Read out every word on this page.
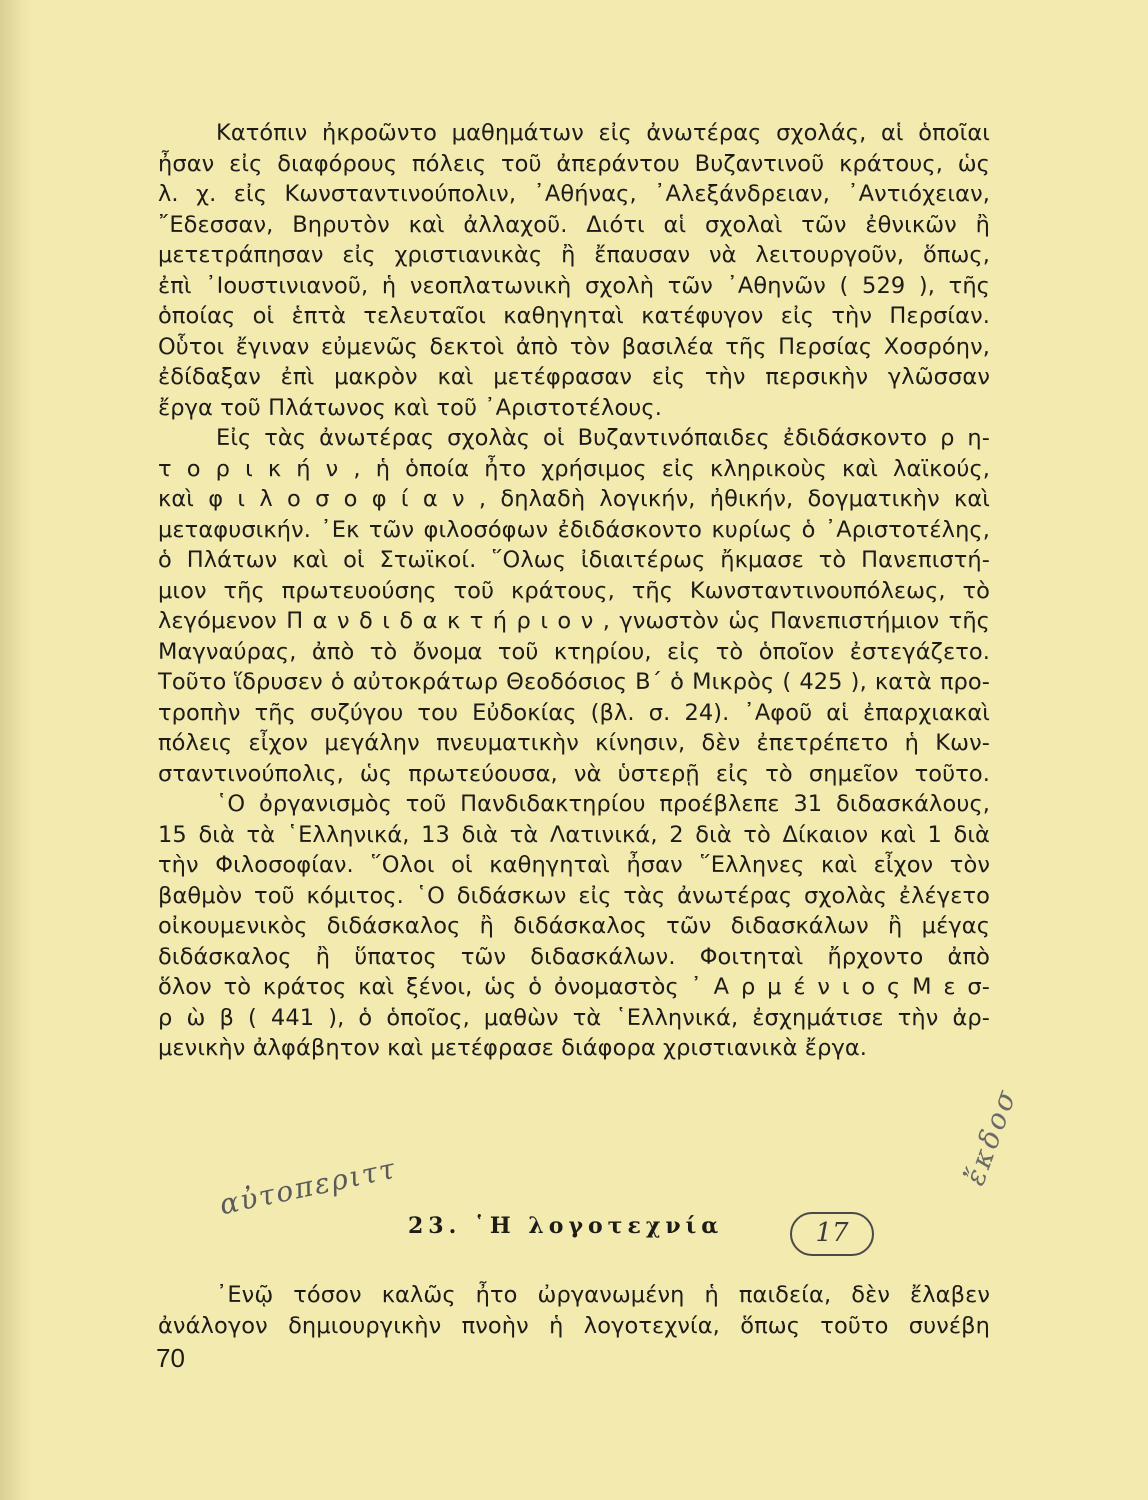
Κατόπιν ἠκροῶντο μαθημάτων εἰς ἀνωτέρας σχολάς, αἱ ὁποῖαι
ἦσαν εἰς διαφόρους πόλεις τοῦ ἀπεράντου Βυζαντινοῦ κράτους, ὡς
λ. χ. εἰς Κωνσταντινούπολιν, ᾿Αθήνας, ᾿Αλεξάνδρειαν, ᾿Αντιόχειαν,
῎Εδεσσαν, Βηρυτὸν καὶ ἀλλαχοῦ. Διότι αἱ σχολαὶ τῶν ἐθνικῶν ἢ
μετετράπησαν εἰς χριστιανικὰς ἢ ἔπαυσαν νὰ λειτουργοῦν, ὅπως,
ἐπὶ ᾿Ιουστινιανοῦ, ἡ νεοπλατωνικὴ σχολὴ τῶν ᾿Αθηνῶν ( 529 ), τῆς
ὁποίας οἱ ἑπτὰ τελευταῖοι καθηγηταὶ κατέφυγον εἰς τὴν Περσίαν.
Οὗτοι ἔγιναν εὐμενῶς δεκτοὶ ἀπὸ τὸν βασιλέα τῆς Περσίας Χοσρόην,
ἐδίδαξαν ἐπὶ μακρὸν καὶ μετέφρασαν εἰς τὴν περσικὴν γλῶσσαν
ἔργα τοῦ Πλάτωνος καὶ τοῦ ᾿Αριστοτέλους.
Εἰς τὰς ἀνωτέρας σχολὰς οἱ Βυζαντινόπαιδες ἐδιδάσκοντο ρ η-
τ ο ρ ι κ ή ν , ἡ ὁποία ἦτο χρήσιμος εἰς κληρικοὺς καὶ λαϊκούς,
καὶ φ ι λ ο σ ο φ ί α ν , δηλαδὴ λογικήν, ἠθικήν, δογματικὴν καὶ
μεταφυσικήν. ᾿Εκ τῶν φιλοσόφων ἐδιδάσκοντο κυρίως ὁ ᾿Αριστοτέλης,
ὁ Πλάτων καὶ οἱ Στωϊκοί. ῞Ολως ἰδιαιτέρως ἤκμασε τὸ Πανεπιστή-
μιον τῆς πρωτευούσης τοῦ κράτους, τῆς Κωνσταντινουπόλεως, τὸ
λεγόμενον Π α ν δ ι δ α κ τ ή ρ ι ο ν , γνωστὸν ὡς Πανεπιστήμιον τῆς
Μαγναύρας, ἀπὸ τὸ ὄνομα τοῦ κτηρίου, εἰς τὸ ὁποῖον ἐστεγάζετο.
Τοῦτο ἵδρυσεν ὁ αὐτοκράτωρ Θεοδόσιος Β΄ ὁ Μικρὸς ( 425 ), κατὰ προ-
τροπὴν τῆς συζύγου του Εὐδοκίας (βλ. σ. 24). ᾿Αφοῦ αἱ ἐπαρχιακαὶ
πόλεις εἶχον μεγάλην πνευματικὴν κίνησιν, δὲν ἐπετρέπετο ἡ Κων-
σταντινούπολις, ὡς πρωτεύουσα, νὰ ὑστερῇ εἰς τὸ σημεῖον τοῦτο.
῾Ο ὀργανισμὸς τοῦ Πανδιδακτηρίου προέβλεπε 31 διδασκάλους,
15 διὰ τὰ ῾Ελληνικά, 13 διὰ τὰ Λατινικά, 2 διὰ τὸ Δίκαιον καὶ 1 διὰ
τὴν Φιλοσοφίαν. ῞Ολοι οἱ καθηγηταὶ ἦσαν ῞Ελληνες καὶ εἶχον τὸν
βαθμὸν τοῦ κόμιτος. ῾Ο διδάσκων εἰς τὰς ἀνωτέρας σχολὰς ἐλέγετο
οἰκουμενικὸς διδάσκαλος ἢ διδάσκαλος τῶν διδασκάλων ἢ μέγας
διδάσκαλος ἢ ὕπατος τῶν διδασκάλων. Φοιτηταὶ ἤρχοντο ἀπὸ
ὅλον τὸ κράτος καὶ ξένοι, ὡς ὁ ὀνομαστὸς ᾿ Α ρ μ έ ν ι ο ς Μ ε σ-
ρ ὼ β ( 441 ), ὁ ὁποῖος, μαθὼν τὰ ῾Ελληνικά, ἐσχημάτισε τὴν ἀρ-
μενικὴν ἀλφάβητον καὶ μετέφρασε διάφορα χριστιανικὰ ἔργα.
αὐτοπεριττ	ἔκδοσ
23. ῾Η λογοτεχνία	17
᾿Ενῷ τόσον καλῶς ἦτο ὠργανωμένη ἡ παιδεία, δὲν ἔλαβεν
ἀνάλογον δημιουργικὴν πνοὴν ἡ λογοτεχνία, ὅπως τοῦτο συνέβη
70
